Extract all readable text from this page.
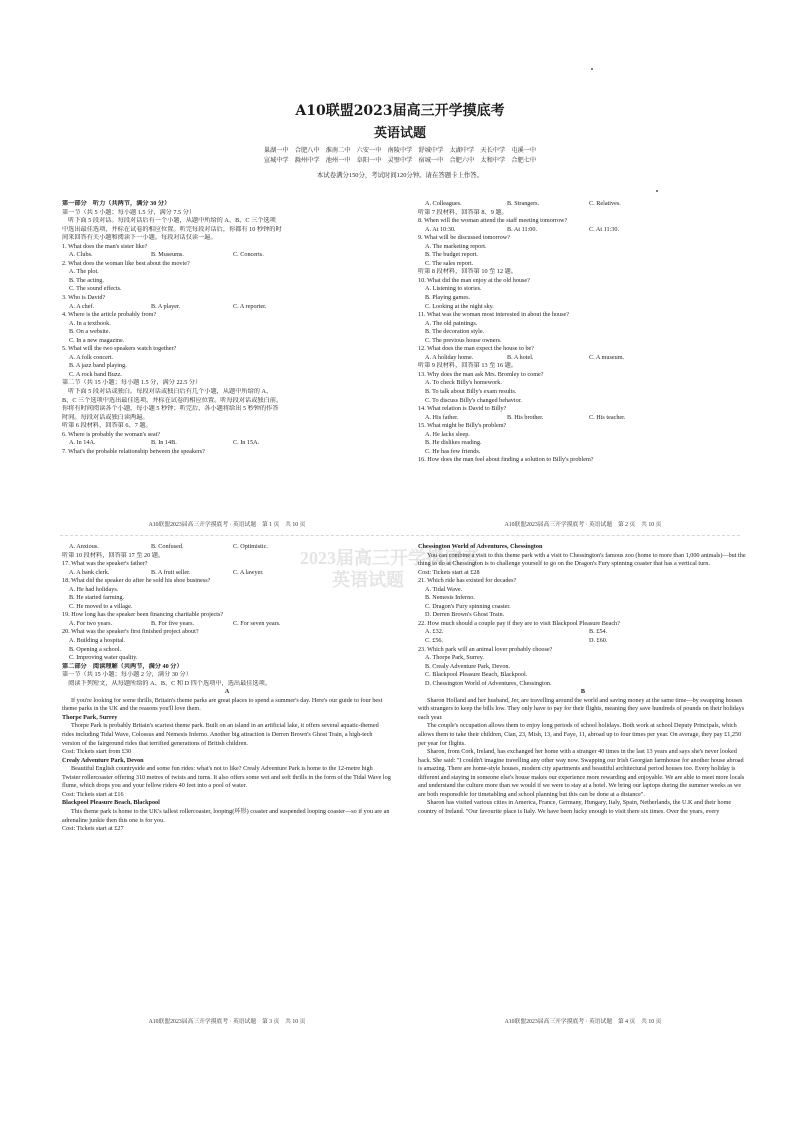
2023届高三开学摸底考
英语试题
A10联盟2023届高三开学摸底考
英语试题
巢湖一中　合肥八中　淮南二中　六安一中　南陵中学　舒城中学　太湖中学　天长中学　屯溪一中
宣城中学　滁州中学　池州一中　阜阳一中　灵璧中学　宿城一中　合肥六中　太和中学　合肥七中
本试卷满分150分，考试时间120分钟。请在答题卡上作答。
第一部分　听力（共两节，满分 30 分）
第一节（共 5 小题；每小题 1.5 分，满分 7.5 分）
　听下面 5 段对话。每段对话后有一个小题，从题中所给的 A、B、C 三个选项
中选出最佳选项，并标在试卷的相应位置。听完每段对话后，你都有 10 秒钟的时
间来回答有关小题和阅读下一小题。每段对话仅读一遍。
1. What does the man's sister like?
A. Clubs.	B. Museums.	C. Concerts.
2. What does the woman like best about the movie?
A. The plot.
B. The acting.
C. The sound effects.
3. Who is David?
A. A chef.	B. A player.	C. A reporter.
4. Where is the article probably from?
A. In a textbook.
B. On a website.
C. In a new magazine.
5. What will the two speakers watch together?
A. A folk concert.
B. A jazz band playing.
C. A rock band Buzz.
第二节（共 15 小题；每小题 1.5 分，满分 22.5 分）
　听下面 5 段对话或独白。每段对话或独白后有几个小题，从题中所给的 A、
B、C 三个选项中选出最佳选项，并标在试卷的相应位置。听每段对话或独白前，
你将有时间阅读各个小题，每小题 5 秒钟；听完后，各小题将给出 5 秒钟的作答
时间。每段对话或独白读两遍。
听第 6 段材料，回答第 6、7 题。
6. Where is probably the woman's seat?
A. In 14A.	B. In 14B.	C. In 15A.
7. What's the probable relationship between the speakers?
A. Colleagues.	B. Strangers.	C. Relatives.
听第 7 段材料，回答第 8、9 题。
8. When will the woman attend the staff meeting tomorrow?
A. At 10:30.	B. At 11:00.	C. At 11:30.
9. What will be discussed tomorrow?
A. The marketing report.
B. The budget report.
C. The sales report.
听第 8 段材料，回答第 10 至 12 题。
10. What did the man enjoy at the old house?
A. Listening to stories.
B. Playing games.
C. Looking at the night sky.
11. What was the woman most interested in about the house?
A. The old paintings.
B. The decoration style.
C. The previous house owners.
12. What does the man expect the house to be?
A. A holiday home.	B. A hotel.	C. A museum.
听第 9 段材料，回答第 13 至 16 题。
13. Why does the man ask Mrs. Bromley to come?
A. To check Billy's homework.
B. To talk about Billy's exam results.
C. To discuss Billy's changed behavior.
14. What relation is David to Billy?
A. His father.	B. His brother.	C. His teacher.
15. What might be Billy's problem?
A. He lacks sleep.
B. He dislikes reading.
C. He has few friends.
16. How does the man feel about finding a solution to Billy's problem?
A10联盟2023届高三开学摸底考 · 英语试题　第 1 页　共 10 页	A10联盟2023届高三开学摸底考 · 英语试题　第 2 页　共 10 页
A. Anxious.	B. Confused.	C. Optimistic.
听第 10 段材料，回答第 17 至 20 题。
17. What was the speaker's father?
A. A bank clerk.	B. A fruit seller.	C. A lawyer.
18. What did the speaker do after he sold his shoe business?
A. He had holidays.
B. He started farming.
C. He moved to a village.
19. How long has the speaker been financing charitable projects?
A. For two years.	B. For five years.	C. For seven years.
20. What was the speaker's first finished project about?
A. Building a hospital.
B. Opening a school.
C. Improving water quality.
第二部分　阅读理解（共两节，满分 40 分）
第一节（共 15 小题；每小题 2 分，满分 30 分）
　阅读下列短文，从每题所给的 A、B、C 和 D 四个选项中，选出最佳选项。
A
If you're looking for some thrills, Britain's theme parks are great places to spend a summer's day. Here's our guide to four best theme parks in the UK and the reasons you'll love them.
Thorpe Park, Surrey
Thorpe Park is probably Britain's scariest theme park. Built on an island in an artificial lake, it offers several aquatic-themed rides including Tidal Wave, Colossus and Nemesis Inferno. Another big attraction is Derren Brown's Ghost Train, a high-tech version of the fairground rides that terrified generations of British children.
Cost: Tickets start from £30
Crealy Adventure Park, Devon
Beautiful English countryside and some fun rides: what's not to like? Crealy Adventure Park is home to the 12-metre high Twister rollercoaster offering 310 metres of twists and turns. It also offers some wet and soft thrills in the form of the Tidal Wave log flume, which drops you and your fellow riders 40 feet into a pool of water.
Cost: Tickets start at £16
Blackpool Pleasure Beach, Blackpool
This theme park is home to the UK's tallest rollercoaster, looping(环形) coaster and suspended looping coaster—so if you are an adrenaline junkie then this one is for you.
Cost: Tickets start at £27
Chessington World of Adventures, Chessington
You can combine a visit to this theme park with a visit to Chessington's famous zoo (home to more than 1,000 animals)—but the thing to do at Chessington is to challenge yourself to go on the Dragon's Fury spinning coaster that has a vertical turn.
Cost: Tickets start at £28
21. Which ride has existed for decades?
A. Tidal Wave.
B. Nemesis Inferno.
C. Dragon's Fury spinning coaster.
D. Derren Brown's Ghost Train.
22. How much should a couple pay if they are to visit Blackpool Pleasure Beach?
A. £32.	B. £54.
C. £56.	D. £60.
23. Which park will an animal lover probably choose?
A. Thorpe Park, Surrey.
B. Crealy Adventure Park, Devon.
C. Blackpool Pleasure Beach, Blackpool.
D. Chessington World of Adventures, Chessington.
B
Sharon Holland and her husband, Jer, are travelling around the world and saving money at the same time—by swapping houses with strangers to keep the bills low. They only have to pay for their flights, meaning they save hundreds of pounds on their holidays each year.
The couple's occupation allows them to enjoy long periods of school holidays. Both work at school Deputy Principals, which allows them to take their children, Cian, 23, Mish, 13, and Faye, 11, abroad up to four times per year. On average, they pay £1,250 per year for flights.
Sharon, from Cork, Ireland, has exchanged her home with a stranger 40 times in the last 13 years and says she's never looked back. She said: "I couldn't imagine travelling any other way now. Swapping our Irish Georgian farmhouse for another house abroad is amazing. There are home-style houses, modern city apartments and beautiful architectural period houses too. Every holiday is different and staying in someone else's house makes our experience more rewarding and enjoyable. We are able to meet more locals and understand the culture more than we would if we were to stay at a hotel. We bring our laptops during the summer weeks as we are both responsible for timetabling and school planning but this can be done at a distance".
Sharon has visited various cities in America, France, Germany, Hungary, Italy, Spain, Netherlands, the U.K and their home country of Ireland. "Our favourite place is Italy. We have been lucky enough to visit there six times. Over the years, every
A10联盟2023届高三开学摸底考 · 英语试题　第 3 页　共 10 页	A10联盟2023届高三开学摸底考 · 英语试题　第 4 页　共 10 页
